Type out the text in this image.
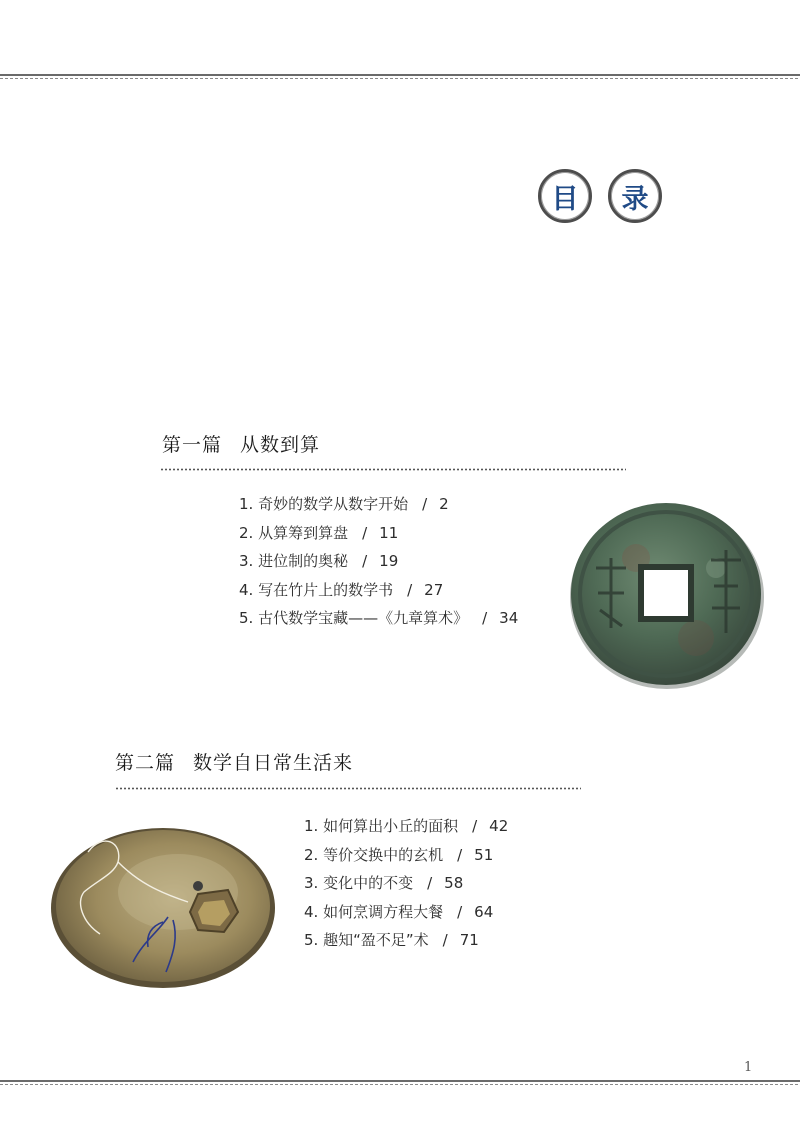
目	录
第一篇 从数到算
1. 奇妙的数学从数字开始 / 2
2. 从算筹到算盘 / 11
3. 进位制的奥秘 / 19
4. 写在竹片上的数学书 / 27
5. 古代数学宝藏——《九章算术》 / 34
第二篇 数学自日常生活来
1. 如何算出小丘的面积 / 42
2. 等价交换中的玄机 / 51
3. 变化中的不变 / 58
4. 如何烹调方程大餐 / 64
5. 趣知“盈不足”术 / 71
1
